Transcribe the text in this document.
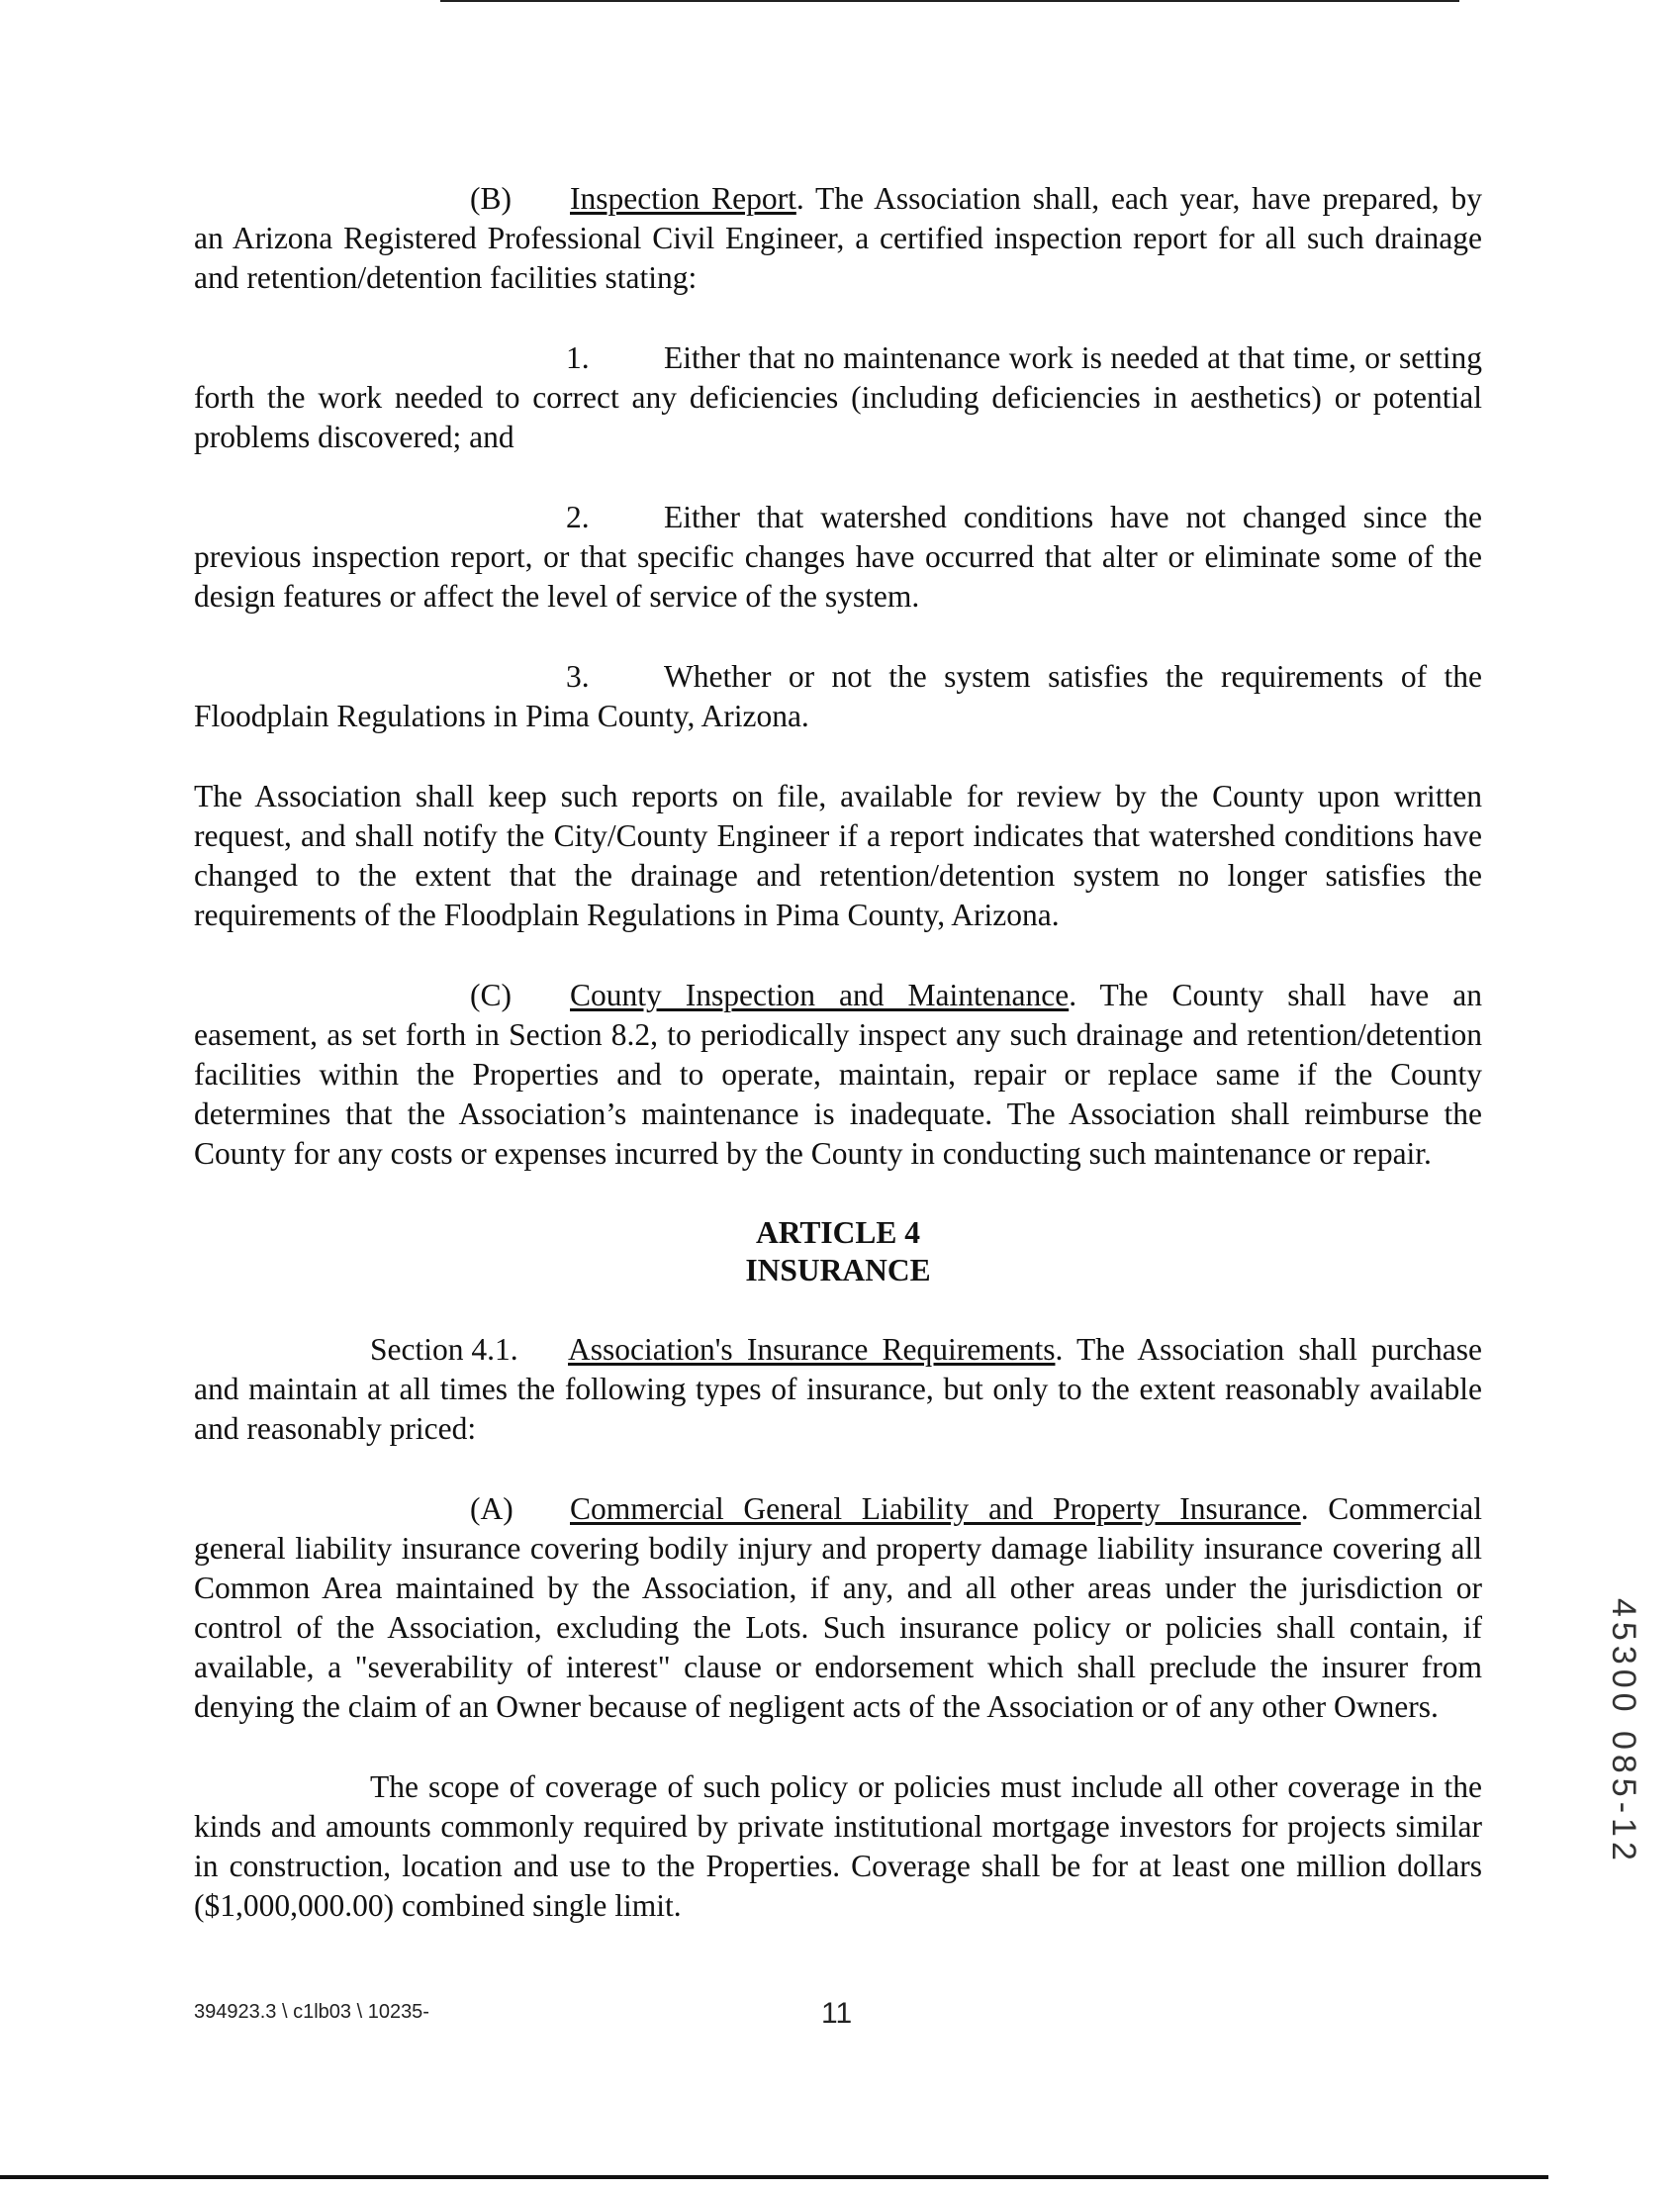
(B) Inspection Report. The Association shall, each year, have prepared, by an Arizona Registered Professional Civil Engineer, a certified inspection report for all such drainage and retention/detention facilities stating:

1. Either that no maintenance work is needed at that time, or setting forth the work needed to correct any deficiencies (including deficiencies in aesthetics) or potential problems discovered; and

2. Either that watershed conditions have not changed since the previous inspection report, or that specific changes have occurred that alter or eliminate some of the design features or affect the level of service of the system.

3. Whether or not the system satisfies the requirements of the Floodplain Regulations in Pima County, Arizona.

The Association shall keep such reports on file, available for review by the County upon written request, and shall notify the City/County Engineer if a report indicates that watershed conditions have changed to the extent that the drainage and retention/detention system no longer satisfies the requirements of the Floodplain Regulations in Pima County, Arizona.

(C) County Inspection and Maintenance. The County shall have an easement, as set forth in Section 8.2, to periodically inspect any such drainage and retention/detention facilities within the Properties and to operate, maintain, repair or replace same if the County determines that the Association’s maintenance is inadequate. The Association shall reimburse the County for any costs or expenses incurred by the County in conducting such maintenance or repair.

ARTICLE 4
INSURANCE

Section 4.1. Association's Insurance Requirements. The Association shall purchase and maintain at all times the following types of insurance, but only to the extent reasonably available and reasonably priced:

(A) Commercial General Liability and Property Insurance. Commercial general liability insurance covering bodily injury and property damage liability insurance covering all Common Area maintained by the Association, if any, and all other areas under the jurisdiction or control of the Association, excluding the Lots. Such insurance policy or policies shall contain, if available, a "severability of interest" clause or endorsement which shall preclude the insurer from denying the claim of an Owner because of negligent acts of the Association or of any other Owners.

The scope of coverage of such policy or policies must include all other coverage in the kinds and amounts commonly required by private institutional mortgage investors for projects similar in construction, location and use to the Properties. Coverage shall be for at least one million dollars ($1,000,000.00) combined single limit.

394923.3 \ c1lb03 \ 10235-	11
45300 085-12
